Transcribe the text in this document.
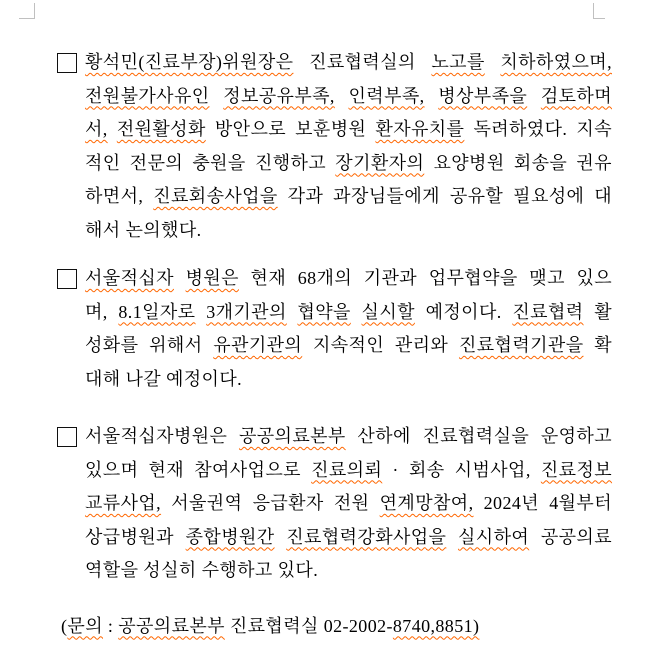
황석민(진료부장)위원장은 진료협력실의 노고를 치하하였으며,
전원불가사유인 정보공유부족, 인력부족, 병상부족을 검토하며
서, 전원활성화 방안으로 보훈병원 환자유치를 독려하였다. 지속
적인 전문의 충원을 진행하고 장기환자의 요양병원 회송을 권유
하면서, 진료회송사업을 각과 과장님들에게 공유할 필요성에 대
해서 논의했다.
서울적십자 병원은 현재 68개의 기관과 업무협약을 맺고 있으
며, 8.1일자로 3개기관의 협약을 실시할 예정이다. 진료협력 활
성화를 위해서 유관기관의 지속적인 관리와 진료협력기관을 확
대해 나갈 예정이다.
서울적십자병원은 공공의료본부 산하에 진료협력실을 운영하고
있으며 현재 참여사업으로 진료의뢰 · 회송 시범사업, 진료정보
교류사업, 서울권역 응급환자 전원 연계망참여, 2024년 4월부터
상급병원과 종합병원간 진료협력강화사업을 실시하여 공공의료
역할을 성실히 수행하고 있다.
(문의 : 공공의료본부 진료협력실 02-2002-8740,8851)
